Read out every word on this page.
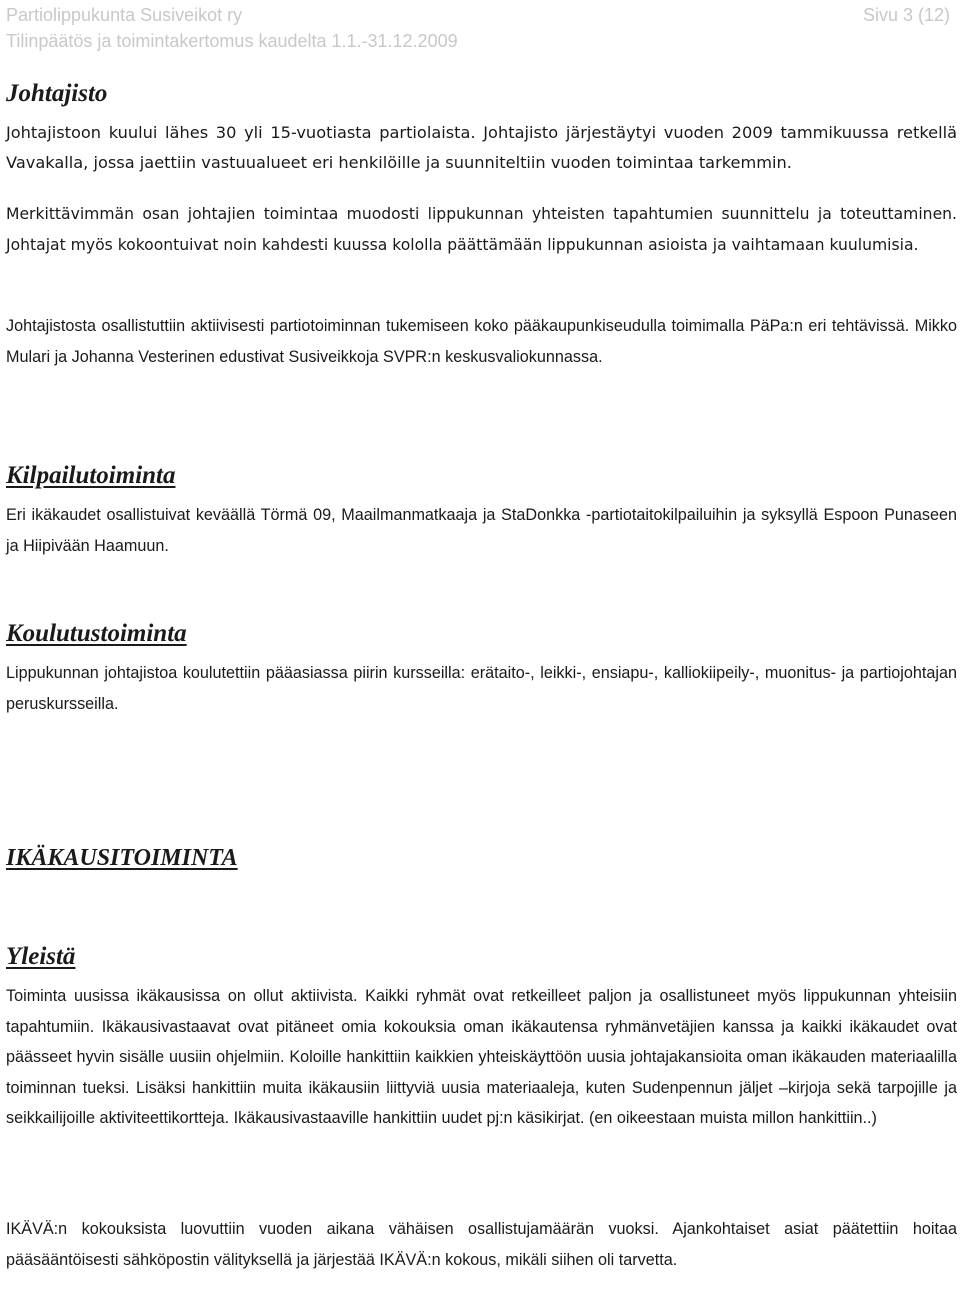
Partiolippukunta Susiveikot ry
Tilinpäätös ja toimintakertomus kaudelta 1.1.-31.12.2009
Sivu 3 (12)
Johtajisto

Johtajistoon kuului lähes 30 yli 15-vuotiasta partiolaista. Johtajisto järjestäytyi vuoden 2009 tammikuussa retkellä Vavakalla, jossa jaettiin vastuualueet eri henkilöille ja suunniteltiin vuoden toimintaa tarkemmin.

Merkittävimmän osan johtajien toimintaa muodosti lippukunnan yhteisten tapahtumien suunnittelu ja toteuttaminen. Johtajat myös kokoontuivat noin kahdesti kuussa kololla päättämään lippukunnan asioista ja vaihtamaan kuulumisia.

Johtajistosta osallistuttiin aktiivisesti partiotoiminnan tukemiseen koko pääkaupunkiseudulla toimimalla PäPa:n eri tehtävissä. Mikko Mulari ja Johanna Vesterinen edustivat Susiveikkoja SVPR:n keskusvaliokunnassa.

Kilpailutoiminta

Eri ikäkaudet osallistuivat keväällä Törmä 09, Maailmanmatkaaja ja StaDonkka -partiotaitokilpailuihin ja syksyllä Espoon Punaseen ja Hiipivään Haamuun.

Koulutustoiminta

Lippukunnan johtajistoa koulutettiin pääasiassa piirin kursseilla: erätaito-, leikki-, ensiapu-, kalliokiipeily-, muonitus- ja partiojohtajan peruskursseilla.

IKÄKAUSITOIMINTA
Yleistä

Toiminta uusissa ikäkausissa on ollut aktiivista. Kaikki ryhmät ovat retkeilleet paljon ja osallistuneet myös lippukunnan yhteisiin tapahtumiin. Ikäkausivastaavat ovat pitäneet omia kokouksia oman ikäkautensa ryhmänvetäjien kanssa ja kaikki ikäkaudet ovat päässeet hyvin sisälle uusiin ohjelmiin. Koloille hankittiin kaikkien yhteiskäyttöön uusia johtajakansioita oman ikäkauden materiaalilla toiminnan tueksi. Lisäksi hankittiin muita ikäkausiin liittyviä uusia materiaaleja, kuten Sudenpennun jäljet –kirjoja sekä tarpojille ja seikkailijoille aktiviteettikortteja. Ikäkausivastaaville hankittiin uudet pj:n käsikirjat. (en oikeestaan muista millon hankittiin..)

IKÄVÄ:n kokouksista luovuttiin vuoden aikana vähäisen osallistujamäärän vuoksi. Ajankohtaiset asiat päätettiin hoitaa pääsääntöisesti sähköpostin välityksellä ja järjestää IKÄVÄ:n kokous, mikäli siihen oli tarvetta.
